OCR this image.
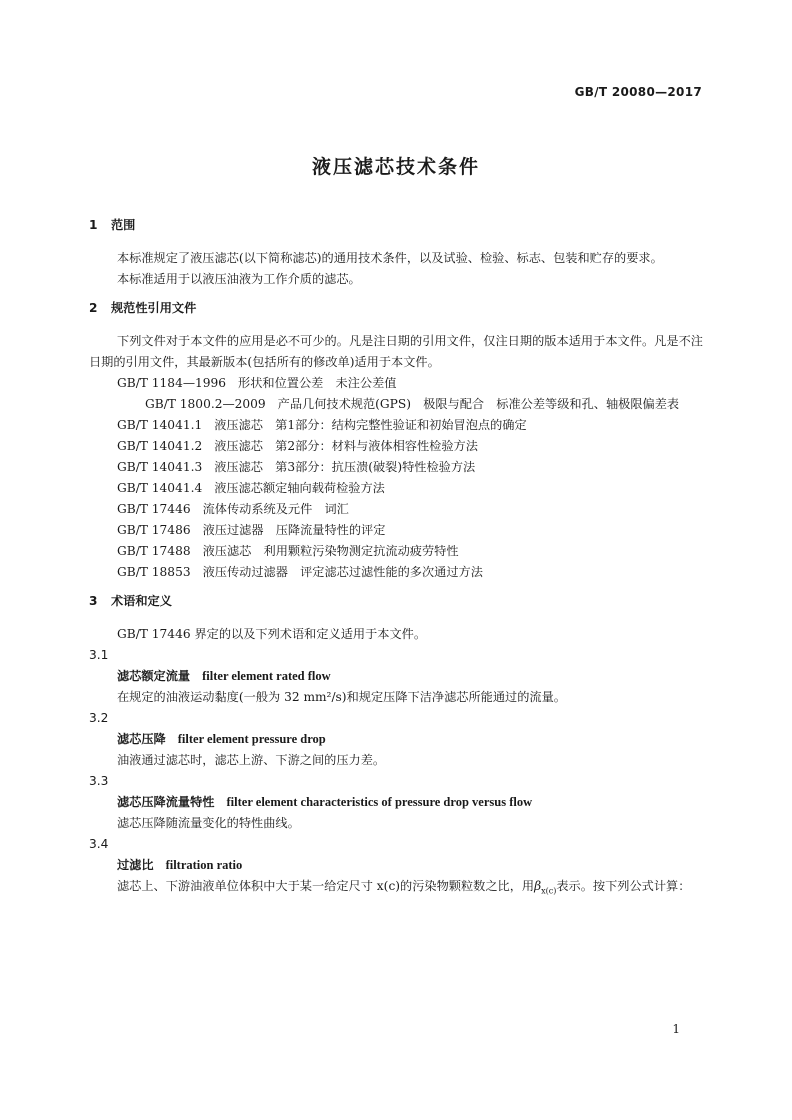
GB/T 20080—2017
液压滤芯技术条件
1 范围
本标准规定了液压滤芯(以下简称滤芯)的通用技术条件，以及试验、检验、标志、包装和贮存的要求。
本标准适用于以液压油液为工作介质的滤芯。
2 规范性引用文件
下列文件对于本文件的应用是必不可少的。凡是注日期的引用文件，仅注日期的版本适用于本文件。凡是不注日期的引用文件，其最新版本(包括所有的修改单)适用于本文件。
GB/T 1184—1996 形状和位置公差　未注公差值
GB/T 1800.2—2009 产品几何技术规范(GPS)　极限与配合　标准公差等级和孔、轴极限偏差表
GB/T 14041.1 液压滤芯　第1部分：结构完整性验证和初始冒泡点的确定
GB/T 14041.2 液压滤芯　第2部分：材料与液体相容性检验方法
GB/T 14041.3 液压滤芯　第3部分：抗压溃(破裂)特性检验方法
GB/T 14041.4 液压滤芯额定轴向载荷检验方法
GB/T 17446 流体传动系统及元件　词汇
GB/T 17486 液压过滤器　压降流量特性的评定
GB/T 17488 液压滤芯　利用颗粒污染物测定抗流动疲劳特性
GB/T 18853 液压传动过滤器　评定滤芯过滤性能的多次通过方法
3 术语和定义
GB/T 17446 界定的以及下列术语和定义适用于本文件。
3.1
滤芯额定流量 filter element rated flow
在规定的油液运动黏度(一般为 32 mm²/s)和规定压降下洁净滤芯所能通过的流量。
3.2
滤芯压降 filter element pressure drop
油液通过滤芯时，滤芯上游、下游之间的压力差。
3.3
滤芯压降流量特性 filter element characteristics of pressure drop versus flow
滤芯压降随流量变化的特性曲线。
3.4
过滤比 filtration ratio
滤芯上、下游油液单位体积中大于某一给定尺寸 x(c)的污染物颗粒数之比，用$\beta_{x(c)}$表示。按下列公式计算：
1
